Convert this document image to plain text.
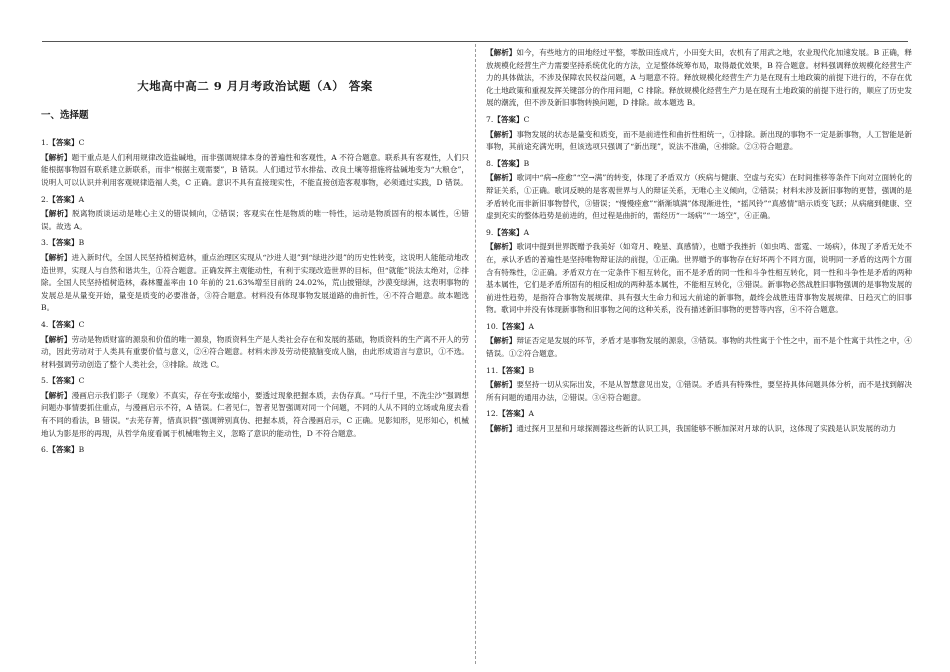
大地高中高二 9 月月考政治试题（A） 答案
一、选择题
1.【答案】C
【解析】题干重点是人们利用规律改造盐碱地，而非强调规律本身的普遍性和客观性，A 不符合题意。联系具有客观性，人们只能根据事物固有联系建立新联系，而非“根据主观需要”，B 错误。人们通过节水排盐、改良土壤等措施将盐碱地变为“大粮仓”，说明人可以认识并利用客观规律造福人类，C 正确。意识不具有直接现实性，不能直接创造客观事物，必须通过实践，D 错误。
2.【答案】A
【解析】脱离物质谈运动是唯心主义的错误倾向，②错误；客观实在性是物质的唯一特性，运动是物质固有的根本属性，④错误。故选 A。
3.【答案】B
【解析】进入新时代，全国人民坚持植树造林，重点治理区实现从“沙进人退”到“绿进沙退”的历史性转变，这说明人能能动地改造世界，实现人与自然和谐共生，①符合题意。正确发挥主观能动性，有利于实现改造世界的目标，但“就能”说法太绝对，②排除。全国人民坚持植树造林，森林覆盖率由 10 年前的 21.63%增至目前的 24.02%，荒山披错绿，沙漠变绿洲，这表明事物的发展总是从量变开始，量变是质变的必要准备，③符合题意。材料没有体现事物发展道路的曲折性，④不符合题意。故本题选 B。
4.【答案】C
【解析】劳动是物质财富的源泉和价值的唯一源泉，物质资料生产是人类社会存在和发展的基础，物质资料的生产离不开人的劳动，因此劳动对于人类具有重要价值与意义，②④符合题意。材料未涉及劳动使猿脑变成人脑，由此形成语言与意识，①不选。材料强调劳动创造了整个人类社会，③排除。故选 C。
5.【答案】C
【解析】漫画启示我们影子（现象）不真实，存在夸张或缩小，要透过现象把握本质，去伪存真。“马行千里，不洗尘沙”强调想问题办事情要抓住重点，与漫画启示不符，A 错误。仁者见仁，智者见智强调对同一个问题，不同的人从不同的立场或角度去看有不同的看法，B 错误。“去芜存菁，惜真识假”强调辨别真伪、把握本质，符合漫画启示，C 正确。见影知形，见形知心，机械地认为影是形的再现，从哲学角度看属于机械唯物主义，忽略了意识的能动性，D 不符合题意。
6.【答案】B
【解析】如今，有些地方的田地经过平整，零散田连成片，小田变大田，农机有了用武之地，农业现代化加速发展。B 正确，释放规模化经营生产力需要坚持系统优化的方法，立足整体统筹布局，取得最优效果，B 符合题意。材料强调释放规模化经营生产力的具体做法，不涉及保障农民权益问题，A 与题意不符。释放规模化经营生产力是在现有土地政策的前提下进行的，不存在优化土地政策和重视发挥关键部分的作用问题，C 排除。释放规模化经营生产力是在现有土地政策的前提下进行的，顺应了历史发展的潮流，但不涉及新旧事物转换问题，D 排除。故本题选 B。
7.【答案】C
【解析】事物发展的状态是量变和质变，而不是前进性和曲折性相统一，①排除。新出现的事物不一定是新事物，人工智能是新事物，其前途充满光明，但该选项只强调了“新出现”，说法不准确，④排除。②③符合题意。
8.【答案】B
【解析】歌词中“病→痊愈”“空→满”的转变，体现了矛盾双方（疾病与健康、空虚与充实）在时间推移等条件下向对立面转化的辩证关系，①正确。歌词反映的是客观世界与人的辩证关系，无唯心主义倾向，②错误；材料未涉及新旧事物的更替，强调的是矛盾转化而非新旧事物替代，③错误；“慢慢痊愈”“渐渐填满”体现渐进性，“摇风铃”“真感情”暗示质变飞跃；从病痛到健康、空虚到充实的整体趋势是前进的，但过程是曲折的，需经历“一场病”“一场空”，④正确。
9.【答案】A
【解析】歌词中提到世界既赠予我美好（如弯月、晚星、真感情），也赠予我挫折（如虫鸣、雷霆、一场病），体现了矛盾无处不在，承认矛盾的普遍性是坚持唯物辩证法的前提，①正确。世界赠予的事物存在好坏两个不同方面，说明同一矛盾的这两个方面含有特殊性，②正确。矛盾双方在一定条件下相互转化，而不是矛盾的同一性和斗争性相互转化，同一性和斗争性是矛盾的两种基本属性，它们是矛盾所固有的相反相成的两种基本属性，不能相互转化，③错误。新事物必然战胜旧事物强调的是事物发展的前进性趋势，是指符合事物发展规律、具有强大生命力和远大前途的新事物，最终会战胜违背事物发展规律、日趋灭亡的旧事物。歌词中并没有体现新事物和旧事物之间的这种关系，没有描述新旧事物的更替等内容，④不符合题意。
10.【答案】A
【解析】辩证否定是发展的环节，矛盾才是事物发展的源泉，③错误。事物的共性寓于个性之中，而不是个性寓于共性之中，④错误。①②符合题意。
11.【答案】B
【解析】要坚持一切从实际出发，不是从智慧意见出发，①错误。矛盾具有特殊性，要坚持具体问题具体分析，而不是找到解决所有问题的通用办法，②错误。③④符合题意。
12.【答案】A
【解析】通过探月卫星和月球探测器这些新的认识工具，我国能够不断加深对月球的认识，这体现了实践是认识发展的动力
